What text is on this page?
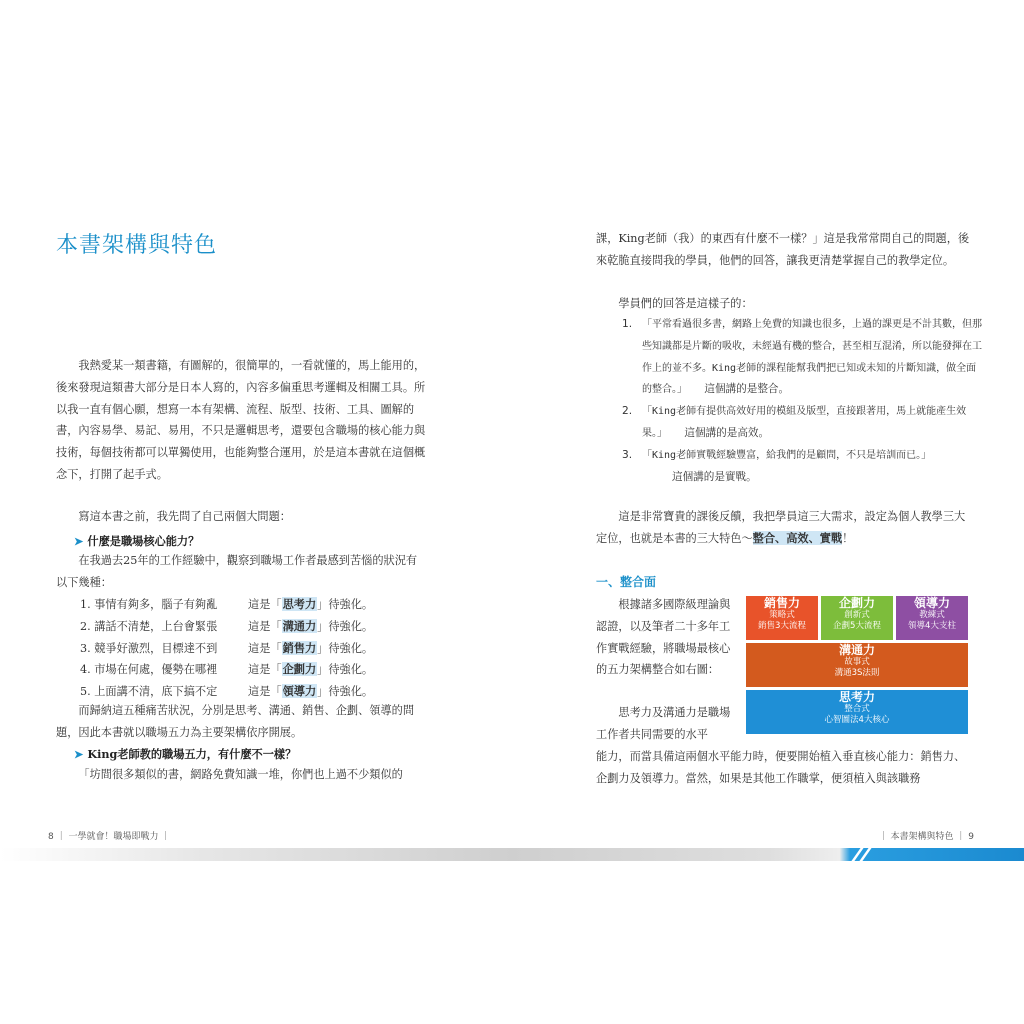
本書架構與特色

我熱愛某一類書籍，有圖解的，很簡單的，一看就懂的，馬上能用的，後來發現這類書大部分是日本人寫的，內容多偏重思考邏輯及相關工具。所以我一直有個心願，想寫一本有架構、流程、版型、技術、工具、圖解的書，內容易學、易記、易用，不只是邏輯思考，還要包含職場的核心能力與技術，每個技術都可以單獨使用，也能夠整合運用，於是這本書就在這個概念下，打開了起手式。

寫這本書之前，我先問了自己兩個大問題：

➤ 什麼是職場核心能力？

在我過去25年的工作經驗中，觀察到職場工作者最感到苦惱的狀況有以下幾種：

1. 事情有夠多，腦子有夠亂	這是「思考力」待強化。
2. 講話不清楚，上台會緊張	這是「溝通力」待強化。
3. 競爭好激烈，目標達不到	這是「銷售力」待強化。
4. 市場在何處，優勢在哪裡	這是「企劃力」待強化。
5. 上面講不清，底下搞不定	這是「領導力」待強化。

而歸納這五種痛苦狀況，分別是思考、溝通、銷售、企劃、領導的問題，因此本書就以職場五力為主要架構依序開展。

➤ King老師教的職場五力，有什麼不一樣？

「坊間很多類似的書，網路免費知識一堆，你們也上過不少類似的

8 ｜ 一學就會！職場即戰力 ｜

課，King老師（我）的東西有什麼不一樣？」這是我常常問自己的問題，後來乾脆直接問我的學員，他們的回答，讓我更清楚掌握自己的教學定位。

學員們的回答是這樣子的：

1. 「平常看過很多書，網路上免費的知識也很多，上過的課更是不計其數，但那些知識都是片斷的吸收，未經過有機的整合，甚至相互混淆，所以能發揮在工作上的並不多。King老師的課程能幫我們把已知或未知的片斷知識，做全面的整合。」 這個講的是整合。
2. 「King老師有提供高效好用的模組及版型，直接跟著用，馬上就能產生效果。」 這個講的是高效。
3. 「King老師實戰經驗豐富，給我們的是顧問，不只是培訓而已。」
這個講的是實戰。

這是非常寶貴的課後反饋，我把學員這三大需求，設定為個人教學三大定位，也就是本書的三大特色～整合、高效、實戰！

一、整合面

根據諸多國際級理論與認證，以及筆者二十多年工作實戰經驗，將職場最核心的五力架構整合如右圖：

思考力及溝通力是職場工作者共同需要的水平

能力，而當具備這兩個水平能力時，便要開始植入垂直核心能力：銷售力、企劃力及領導力。當然，如果是其他工作職掌，便須植入與該職務

銷售力
策略式
銷售3大流程
企劃力
創新式
企劃5大流程
領導力
教練式
領導4大支柱
溝通力
故事式
溝通3S法則
思考力
整合式
心智圖法4大核心
｜ 本書架構與特色 ｜ 9
